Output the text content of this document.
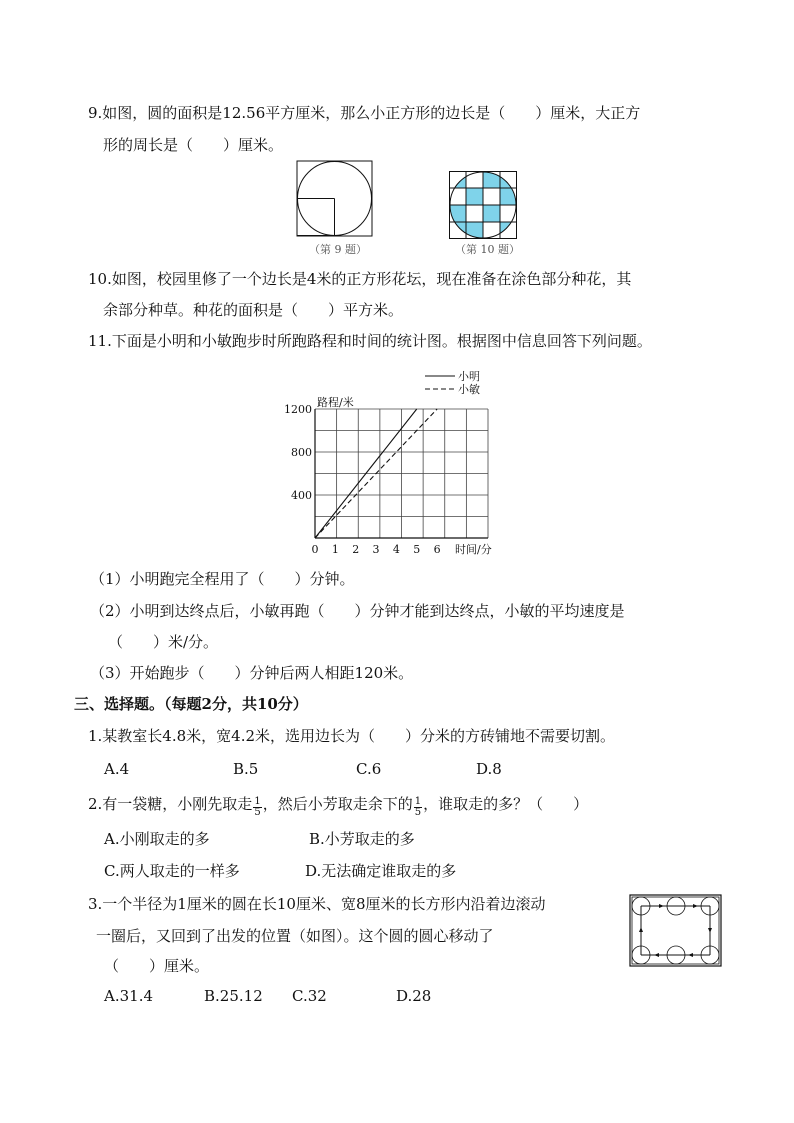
9.如图，圆的面积是12.56平方厘米，那么小正方形的边长是（　　）厘米，大正方
形的周长是（　　）厘米。
（第 9 题）	（第 10 题）
10.如图，校园里修了一个边长是4米的正方形花坛，现在准备在涂色部分种花，其
余部分种草。种花的面积是（　　）平方米。
11.下面是小明和小敏跑步时所跑路程和时间的统计图。根据图中信息回答下列问题。
0 1 2 3 4 5 6
400
800
1200
路程/米
时间/分
小明
小敏
（1）小明跑完全程用了（　　）分钟。
（2）小明到达终点后，小敏再跑（　　）分钟才能到达终点，小敏的平均速度是
（　　）米/分。
（3）开始跑步（　　）分钟后两人相距120米。
三、选择题。（每题2分，共10分）
1.某教室长4.8米，宽4.2米，选用边长为（　　）分米的方砖铺地不需要切割。
A.4	B.5	C.6	D.8
2.有一袋糖，小刚先取走 $\frac{1}{5}$ ，然后小芳取走余下的 $\frac{1}{5}$ ，谁取走的多？（　　）
A.小刚取走的多	B.小芳取走的多
C.两人取走的一样多	D.无法确定谁取走的多
3.一个半径为1厘米的圆在长10厘米、宽8厘米的长方形内沿着边滚动
一圈后，又回到了出发的位置（如图）。这个圆的圆心移动了
（　　）厘米。
A.31.4	B.25.12 C.32	D.28
